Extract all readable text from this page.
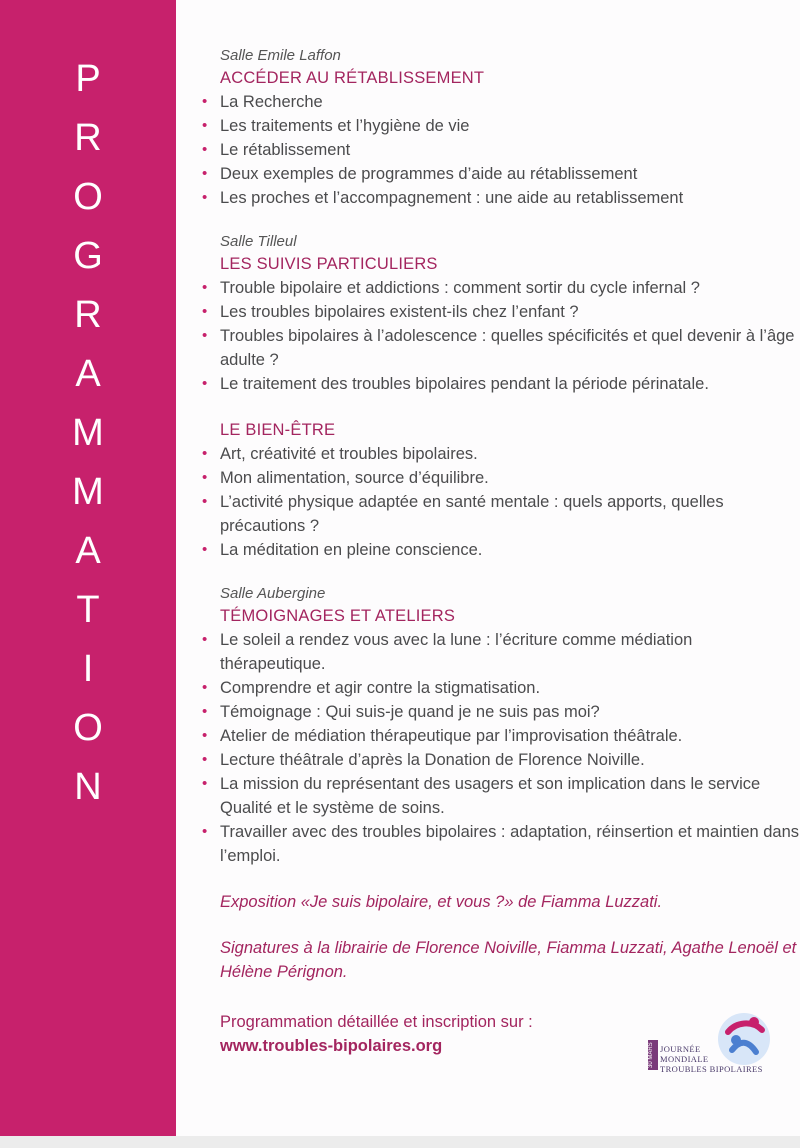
P
R
O
G
R
A
M
M
A
T
I
O
N
Salle Emile Laffon
ACCÉDER AU RÉTABLISSEMENT
• La Recherche
• Les traitements et l’hygiène de vie
• Le rétablissement
• Deux exemples de programmes d’aide au rétablissement
• Les proches et l’accompagnement : une aide au retablissement
Salle Tilleul
LES SUIVIS PARTICULIERS
• Trouble bipolaire et addictions : comment sortir du cycle infernal ?
• Les troubles bipolaires existent-ils chez l’enfant ?
• Troubles bipolaires à l’adolescence : quelles spécificités et quel devenir à l’âge adulte ?
• Le traitement des troubles bipolaires pendant la période périnatale.
LE BIEN-ÊTRE
• Art, créativité et troubles bipolaires.
• Mon alimentation, source d’équilibre.
• L’activité physique adaptée en santé mentale : quels apports, quelles précautions ?
• La méditation en pleine conscience.
Salle Aubergine
TÉMOIGNAGES ET ATELIERS
• Le soleil a rendez vous avec la lune : l’écriture comme médiation thérapeutique.
• Comprendre et agir contre la stigmatisation.
• Témoignage : Qui suis-je quand je ne suis pas moi?
• Atelier de médiation thérapeutique par l’improvisation théâtrale.
• Lecture théâtrale d’après la Donation de Florence Noiville.
• La mission du représentant des usagers et son implication dans le service Qualité et le système de soins.
• Travailler avec des troubles bipolaires : adaptation, réinsertion et maintien dans l’emploi.
Exposition «Je suis bipolaire, et vous ?» de Fiamma Luzzati.
Signatures à la librairie de Florence Noiville, Fiamma Luzzati, Agathe Lenoël et Hélène Pérignon.
Programmation détaillée et inscription sur :
www.troubles-bipolaires.org	30 MARS JOURNÉE
MONDIALE
TROUBLES BIPOLAIRES
